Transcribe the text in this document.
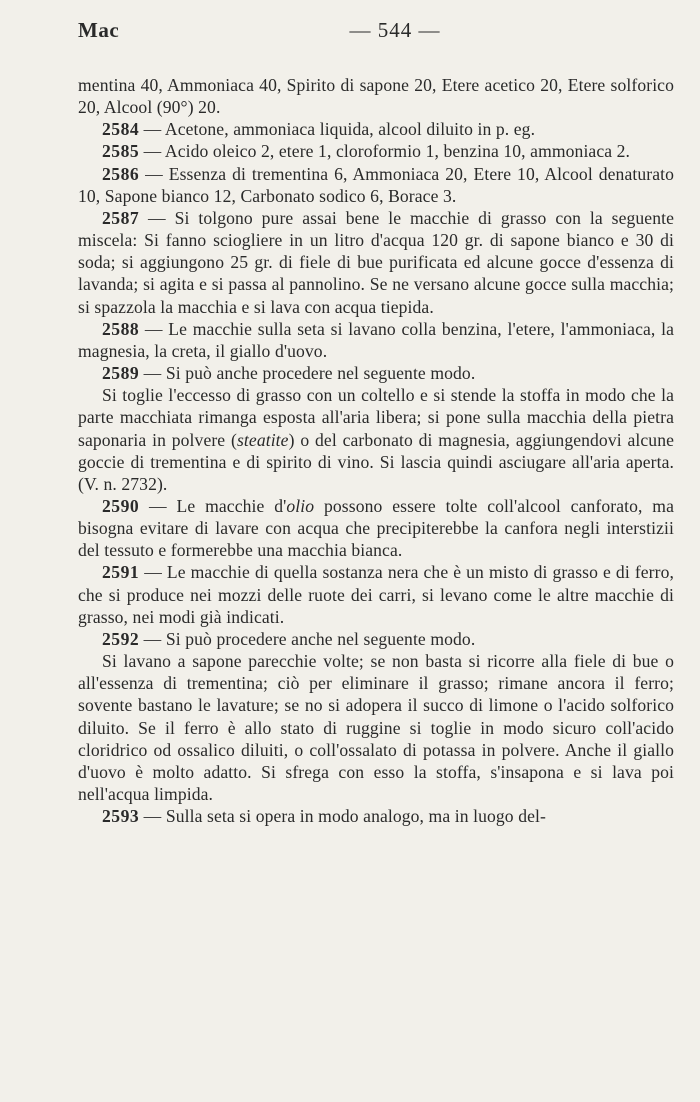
Mac	— 544 —

mentina 40, Ammoniaca 40, Spirito di sapone 20, Etere acetico 20, Etere solforico 20, Alcool (90°) 20.

2584 — Acetone, ammoniaca liquida, alcool diluito in p. eg.

2585 — Acido oleico 2, etere 1, cloroformio 1, benzina 10, ammoniaca 2.

2586 — Essenza di trementina 6, Ammoniaca 20, Etere 10, Alcool denaturato 10, Sapone bianco 12, Carbonato sodico 6, Borace 3.

2587 — Si tolgono pure assai bene le macchie di grasso con la seguente miscela: Si fanno sciogliere in un litro d'acqua 120 gr. di sapone bianco e 30 di soda; si aggiungono 25 gr. di fiele di bue purificata ed alcune gocce d'essenza di lavanda; si agita e si passa al pannolino. Se ne versano alcune gocce sulla macchia; si spazzola la macchia e si lava con acqua tiepida.

2588 — Le macchie sulla seta si lavano colla benzina, l'etere, l'ammoniaca, la magnesia, la creta, il giallo d'uovo.

2589 — Si può anche procedere nel seguente modo.

Si toglie l'eccesso di grasso con un coltello e si stende la stoffa in modo che la parte macchiata rimanga esposta all'aria libera; si pone sulla macchia della pietra saponaria in polvere (steatite) o del carbonato di magnesia, aggiungendovi alcune goccie di trementina e di spirito di vino. Si lascia quindi asciugare all'aria aperta. (V. n. 2732).

2590 — Le macchie d'olio possono essere tolte coll'alcool canforato, ma bisogna evitare di lavare con acqua che precipiterebbe la canfora negli interstizii del tessuto e formerebbe una macchia bianca.

2591 — Le macchie di quella sostanza nera che è un misto di grasso e di ferro, che si produce nei mozzi delle ruote dei carri, si levano come le altre macchie di grasso, nei modi già indicati.

2592 — Si può procedere anche nel seguente modo.

Si lavano a sapone parecchie volte; se non basta si ricorre alla fiele di bue o all'essenza di trementina; ciò per eliminare il grasso; rimane ancora il ferro; sovente bastano le lavature; se no si adopera il succo di limone o l'acido solforico diluito. Se il ferro è allo stato di ruggine si toglie in modo sicuro coll'acido cloridrico od ossalico diluiti, o coll'ossalato di potassa in polvere. Anche il giallo d'uovo è molto adatto. Si sfrega con esso la stoffa, s'insapona e si lava poi nell'acqua limpida.

2593 — Sulla seta si opera in modo analogo, ma in luogo del-
